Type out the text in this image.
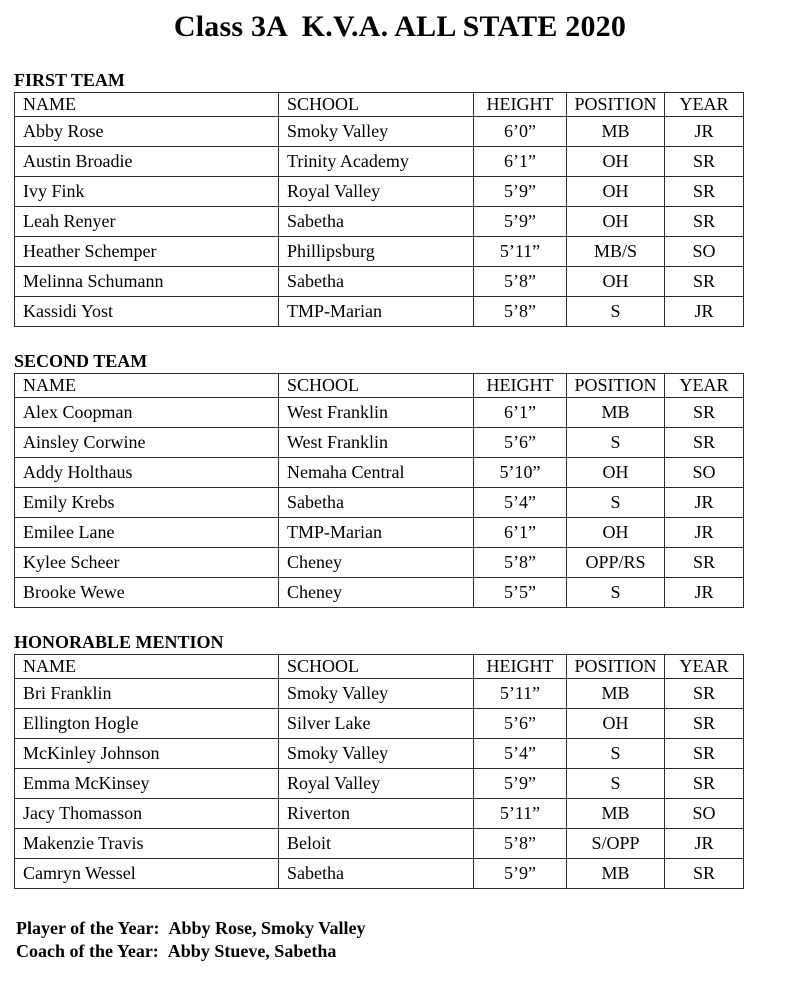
Class 3A  K.V.A. ALL STATE 2020
FIRST TEAM
NAME	SCHOOL	HEIGHT	POSITION	YEAR
Abby Rose	Smoky Valley	6’0”	MB	JR
Austin Broadie	Trinity Academy	6’1”	OH	SR
Ivy Fink	Royal Valley	5’9”	OH	SR
Leah Renyer	Sabetha	5’9”	OH	SR
Heather Schemper	Phillipsburg	5’11”	MB/S	SO
Melinna Schumann	Sabetha	5’8”	OH	SR
Kassidi Yost	TMP-Marian	5’8”	S	JR
SECOND TEAM
NAME	SCHOOL	HEIGHT	POSITION	YEAR
Alex Coopman	West Franklin	6’1”	MB	SR
Ainsley Corwine	West Franklin	5’6”	S	SR
Addy Holthaus	Nemaha Central	5’10”	OH	SO
Emily Krebs	Sabetha	5’4”	S	JR
Emilee Lane	TMP-Marian	6’1”	OH	JR
Kylee Scheer	Cheney	5’8”	OPP/RS	SR
Brooke Wewe	Cheney	5’5”	S	JR
HONORABLE MENTION
NAME	SCHOOL	HEIGHT	POSITION	YEAR
Bri Franklin	Smoky Valley	5’11”	MB	SR
Ellington Hogle	Silver Lake	5’6”	OH	SR
McKinley Johnson	Smoky Valley	5’4”	S	SR
Emma McKinsey	Royal Valley	5’9”	S	SR
Jacy Thomasson	Riverton	5’11”	MB	SO
Makenzie Travis	Beloit	5’8”	S/OPP	JR
Camryn Wessel	Sabetha	5’9”	MB	SR
Player of the Year: Abby Rose, Smoky Valley
Coach of the Year: Abby Stueve, Sabetha
